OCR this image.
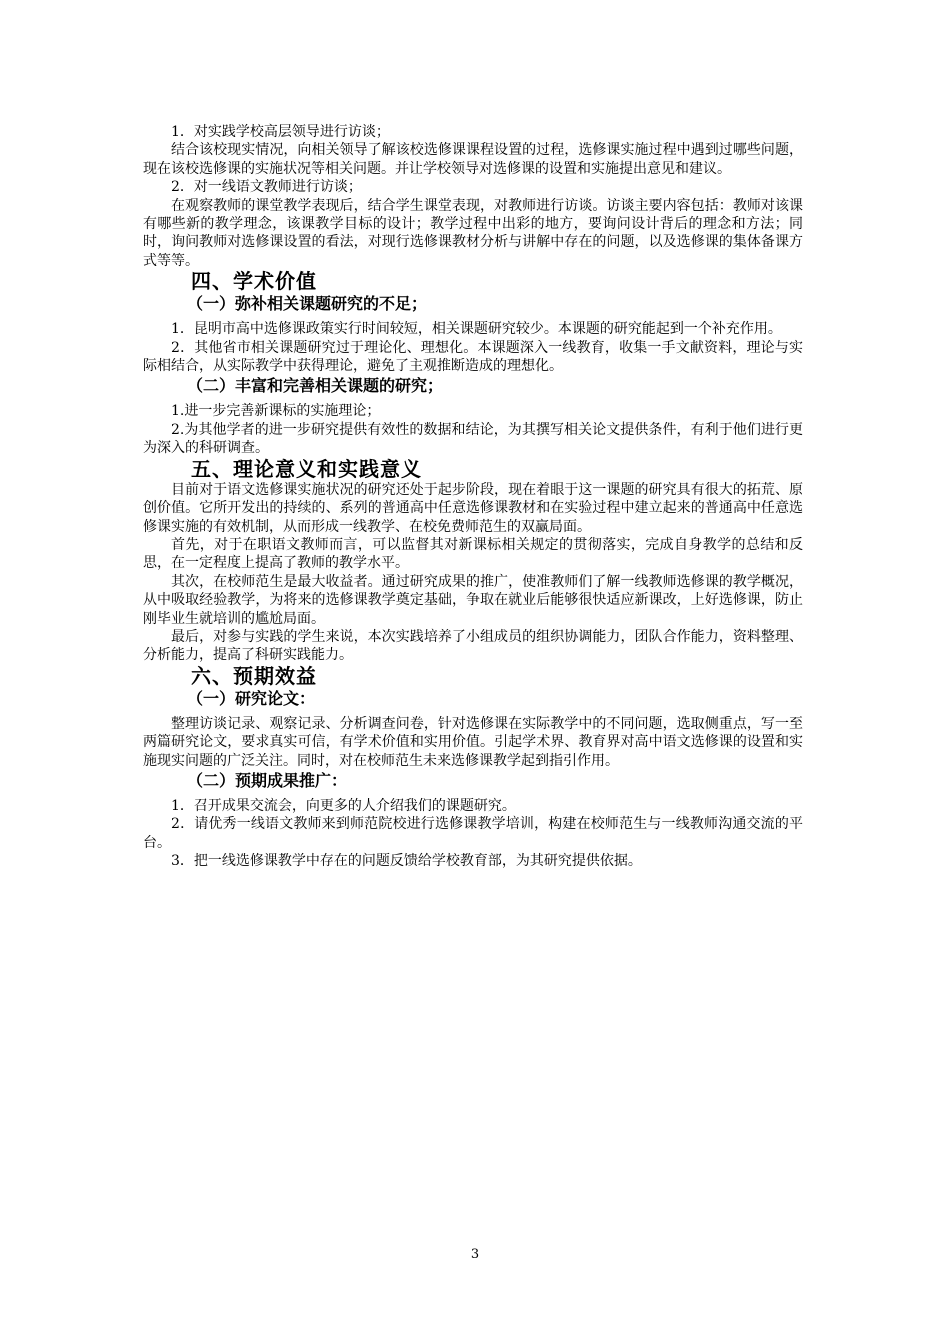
1．对实践学校高层领导进行访谈；

结合该校现实情况，向相关领导了解该校选修课课程设置的过程，选修课实施过程中遇到过哪些问题，现在该校选修课的实施状况等相关问题。并让学校领导对选修课的设置和实施提出意见和建议。

2．对一线语文教师进行访谈；

在观察教师的课堂教学表现后，结合学生课堂表现，对教师进行访谈。访谈主要内容包括：教师对该课有哪些新的教学理念，该课教学目标的设计；教学过程中出彩的地方，要询问设计背后的理念和方法；同时，询问教师对选修课设置的看法，对现行选修课教材分析与讲解中存在的问题，以及选修课的集体备课方式等等。

四、学术价值
（一）弥补相关课题研究的不足；

1．昆明市高中选修课政策实行时间较短，相关课题研究较少。本课题的研究能起到一个补充作用。

2．其他省市相关课题研究过于理论化、理想化。本课题深入一线教育，收集一手文献资料，理论与实际相结合，从实际教学中获得理论，避免了主观推断造成的理想化。

（二）丰富和完善相关课题的研究；

1.进一步完善新课标的实施理论；

2.为其他学者的进一步研究提供有效性的数据和结论，为其撰写相关论文提供条件，有利于他们进行更为深入的科研调查。

五、理论意义和实践意义

目前对于语文选修课实施状况的研究还处于起步阶段，现在着眼于这一课题的研究具有很大的拓荒、原创价值。它所开发出的持续的、系列的普通高中任意选修课教材和在实验过程中建立起来的普通高中任意选修课实施的有效机制，从而形成一线教学、在校免费师范生的双赢局面。

首先，对于在职语文教师而言，可以监督其对新课标相关规定的贯彻落实，完成自身教学的总结和反思，在一定程度上提高了教师的教学水平。

其次，在校师范生是最大收益者。通过研究成果的推广，使准教师们了解一线教师选修课的教学概况，从中吸取经验教学，为将来的选修课教学奠定基础，争取在就业后能够很快适应新课改，上好选修课，防止刚毕业生就培训的尴尬局面。

最后，对参与实践的学生来说，本次实践培养了小组成员的组织协调能力，团队合作能力，资料整理、分析能力，提高了科研实践能力。

六、预期效益
（一）研究论文：

整理访谈记录、观察记录、分析调查问卷，针对选修课在实际教学中的不同问题，选取侧重点，写一至两篇研究论文，要求真实可信，有学术价值和实用价值。引起学术界、教育界对高中语文选修课的设置和实施现实问题的广泛关注。同时，对在校师范生未来选修课教学起到指引作用。

（二）预期成果推广：

1．召开成果交流会，向更多的人介绍我们的课题研究。

2．请优秀一线语文教师来到师范院校进行选修课教学培训，构建在校师范生与一线教师沟通交流的平台。

3．把一线选修课教学中存在的问题反馈给学校教育部，为其研究提供依据。

3
